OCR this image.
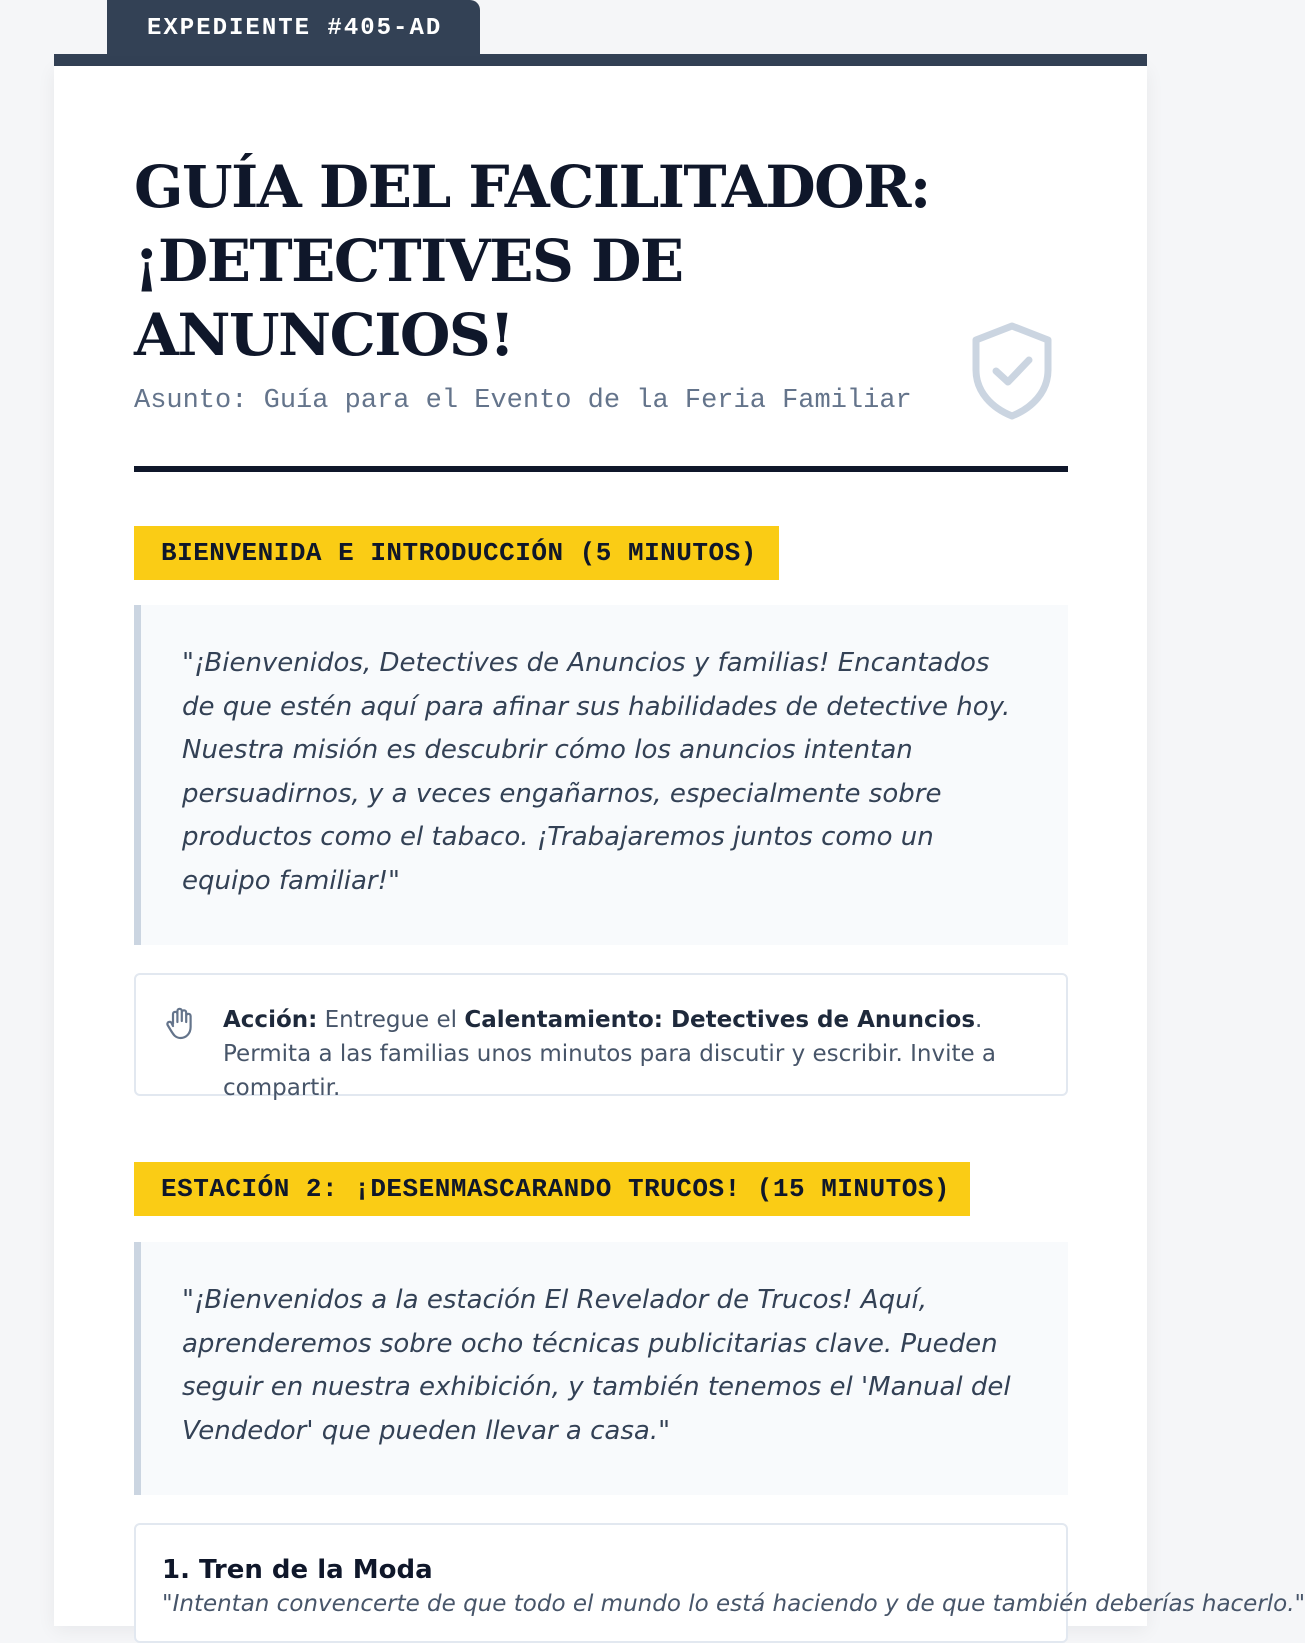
EXPEDIENTE #405-AD
GUÍA DEL FACILITADOR: ¡DETECTIVES DE ANUNCIOS!
Asunto: Guía para el Evento de la Feria Familiar
BIENVENIDA E INTRODUCCIÓN (5 MINUTOS)
"¡Bienvenidos, Detectives de Anuncios y familias! Encantados de que estén aquí para afinar sus habilidades de detective hoy. Nuestra misión es descubrir cómo los anuncios intentan persuadirnos, y a veces engañarnos, especialmente sobre productos como el tabaco. ¡Trabajaremos juntos como un equipo familiar!"
Acción: Entregue el Calentamiento: Detectives de Anuncios. Permita a las familias unos minutos para discutir y escribir. Invite a compartir.
ESTACIÓN 2: ¡DESENMASCARANDO TRUCOS! (15 MINUTOS)
"¡Bienvenidos a la estación El Revelador de Trucos! Aquí, aprenderemos sobre ocho técnicas publicitarias clave. Pueden seguir en nuestra exhibición, y también tenemos el 'Manual del Vendedor' que pueden llevar a casa."
1. Tren de la Moda
"Intentan convencerte de que todo el mundo lo está haciendo y de que también deberías hacerlo."
